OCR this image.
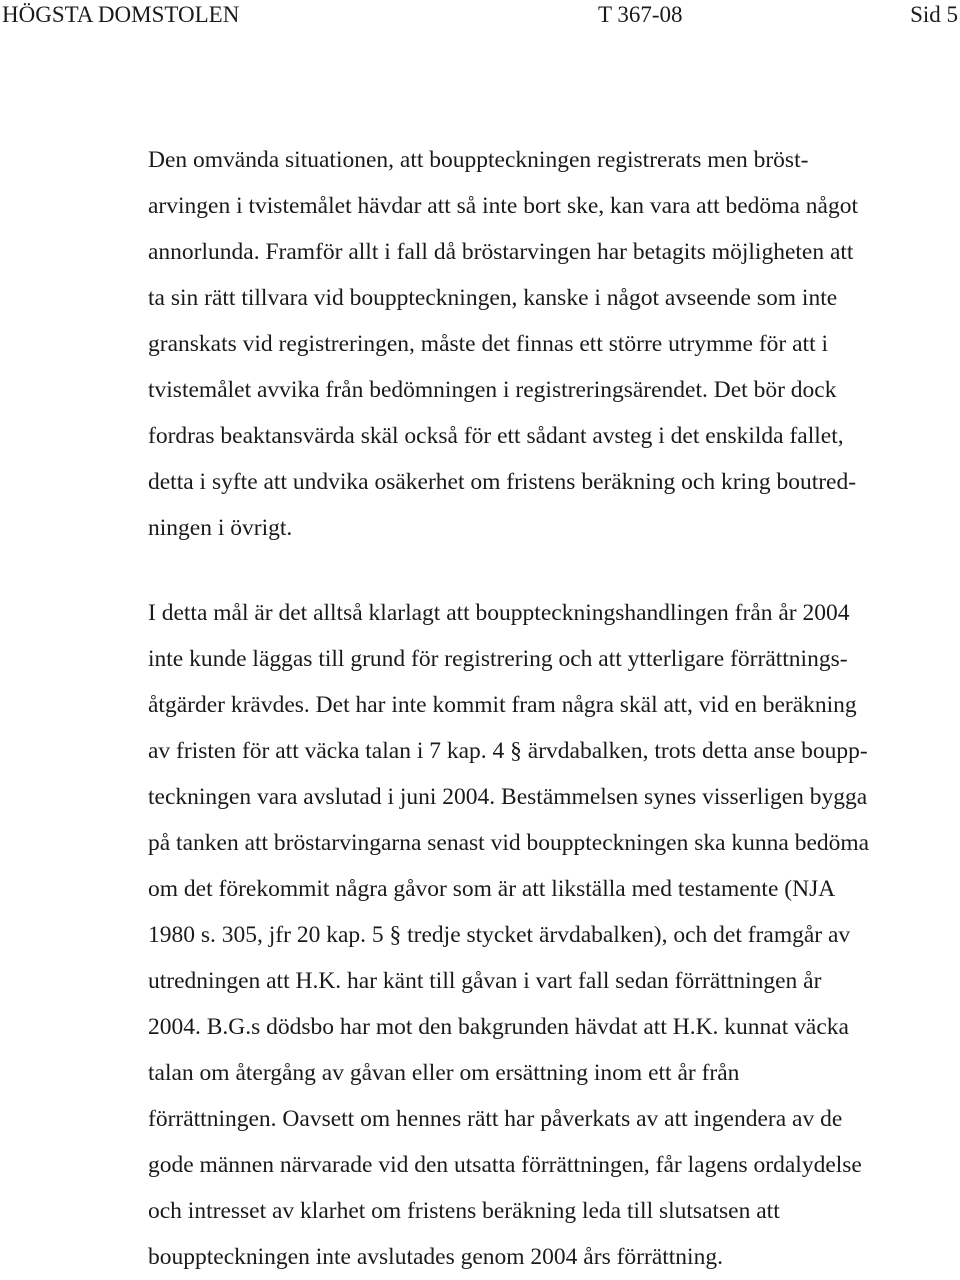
HÖGSTA DOMSTOLEN	T 367-08	Sid 5
Den omvända situationen, att bouppteckningen registrerats men bröst-
arvingen i tvistemålet hävdar att så inte bort ske, kan vara att bedöma något
annorlunda. Framför allt i fall då bröstarvingen har betagits möjligheten att
ta sin rätt tillvara vid bouppteckningen, kanske i något avseende som inte
granskats vid registreringen, måste det finnas ett större utrymme för att i
tvistemålet avvika från bedömningen i registreringsärendet. Det bör dock
fordras beaktansvärda skäl också för ett sådant avsteg i det enskilda fallet,
detta i syfte att undvika osäkerhet om fristens beräkning och kring boutred-
ningen i övrigt.
I detta mål är det alltså klarlagt att bouppteckningshandlingen från år 2004
inte kunde läggas till grund för registrering och att ytterligare förrättnings-
åtgärder krävdes. Det har inte kommit fram några skäl att, vid en beräkning
av fristen för att väcka talan i 7 kap. 4 § ärvdabalken, trots detta anse boupp-
teckningen vara avslutad i juni 2004. Bestämmelsen synes visserligen bygga
på tanken att bröstarvingarna senast vid bouppteckningen ska kunna bedöma
om det förekommit några gåvor som är att likställa med testamente (NJA
1980 s. 305, jfr 20 kap. 5 § tredje stycket ärvdabalken), och det framgår av
utredningen att H.K. har känt till gåvan i vart fall sedan förrättningen år
2004. B.G.s dödsbo har mot den bakgrunden hävdat att H.K. kunnat väcka
talan om återgång av gåvan eller om ersättning inom ett år från
förrättningen. Oavsett om hennes rätt har påverkats av att ingendera av de
gode männen närvarade vid den utsatta förrättningen, får lagens ordalydelse
och intresset av klarhet om fristens beräkning leda till slutsatsen att
bouppteckningen inte avslutades genom 2004 års förrättning.
